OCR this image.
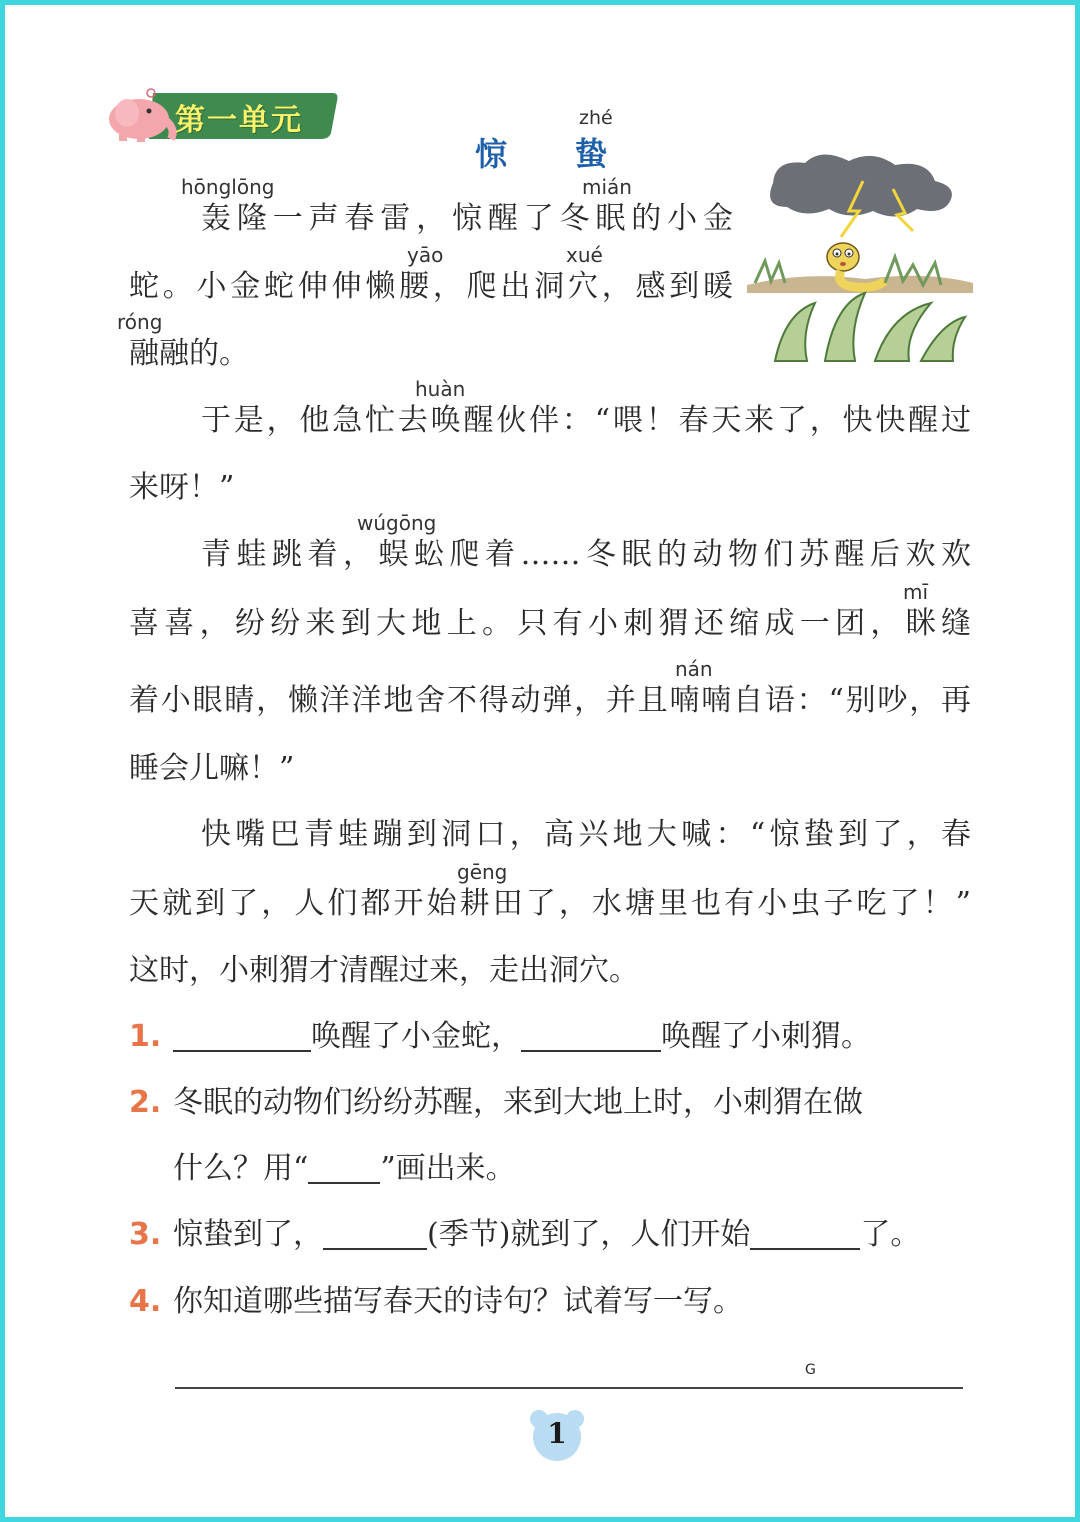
第一单元	zhé
惊蛰
hōnglōng	mián
轰隆一声春雷，惊醒了冬眠的小金
yāo	xué
蛇。小金蛇伸伸懒腰，爬出洞穴，感到暖
róng
融融的。
huàn
于是，他急忙去唤醒伙伴：“喂！春天来了，快快醒过
来呀！”
wúgōng
青蛙跳着，蜈蚣爬着……冬眠的动物们苏醒后欢欢
mī
喜喜，纷纷来到大地上。只有小刺猬还缩成一团，眯缝
nán
着小眼睛，懒洋洋地舍不得动弹，并且喃喃自语：“别吵，再
睡会儿嘛！”
快嘴巴青蛙蹦到洞口，高兴地大喊：“惊蛰到了，春
gēng
天就到了，人们都开始耕田了，水塘里也有小虫子吃了！”
这时，小刺猬才清醒过来，走出洞穴。
1.	唤醒了小金蛇，	唤醒了小刺猬。
2. 冬眠的动物们纷纷苏醒，来到大地上时，小刺猬在做
什么？用“ ”画出来。
3. 惊蛰到了，	(季节)就到了，人们开始	了。
4. 你知道哪些描写春天的诗句？试着写一写。
G
1
